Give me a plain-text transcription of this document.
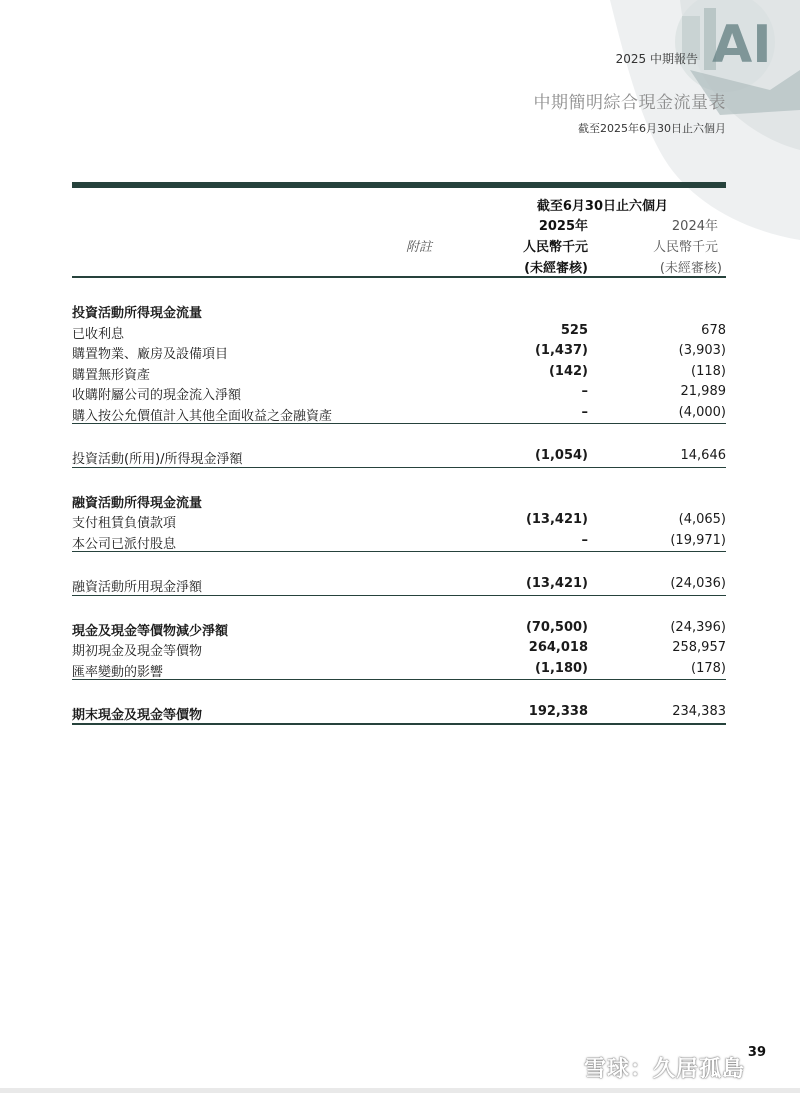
AI
2025 中期報告
中期簡明綜合現金流量表
截至2025年6月30日止六個月
截至6月30日止六個月
2025年	2024年
附註	人民幣千元	人民幣千元
(未經審核)	(未經審核)
投資活動所得現金流量
已收利息	525	678
購置物業、廠房及設備項目	(1,437)	(3,903)
購置無形資產	(142)	(118)
收購附屬公司的現金流入淨額	–	21,989
購入按公允價值計入其他全面收益之金融資產	–	(4,000)
投資活動(所用)/所得現金淨額	(1,054)	14,646
融資活動所得現金流量
支付租賃負債款項	(13,421)	(4,065)
本公司已派付股息	–	(19,971)
融資活動所用現金淨額	(13,421)	(24,036)
現金及現金等價物減少淨額	(70,500)	(24,396)
期初現金及現金等價物	264,018	258,957
匯率變動的影響	(1,180)	(178)
期末現金及現金等價物	192,338	234,383
39
雪球：久居孤島
